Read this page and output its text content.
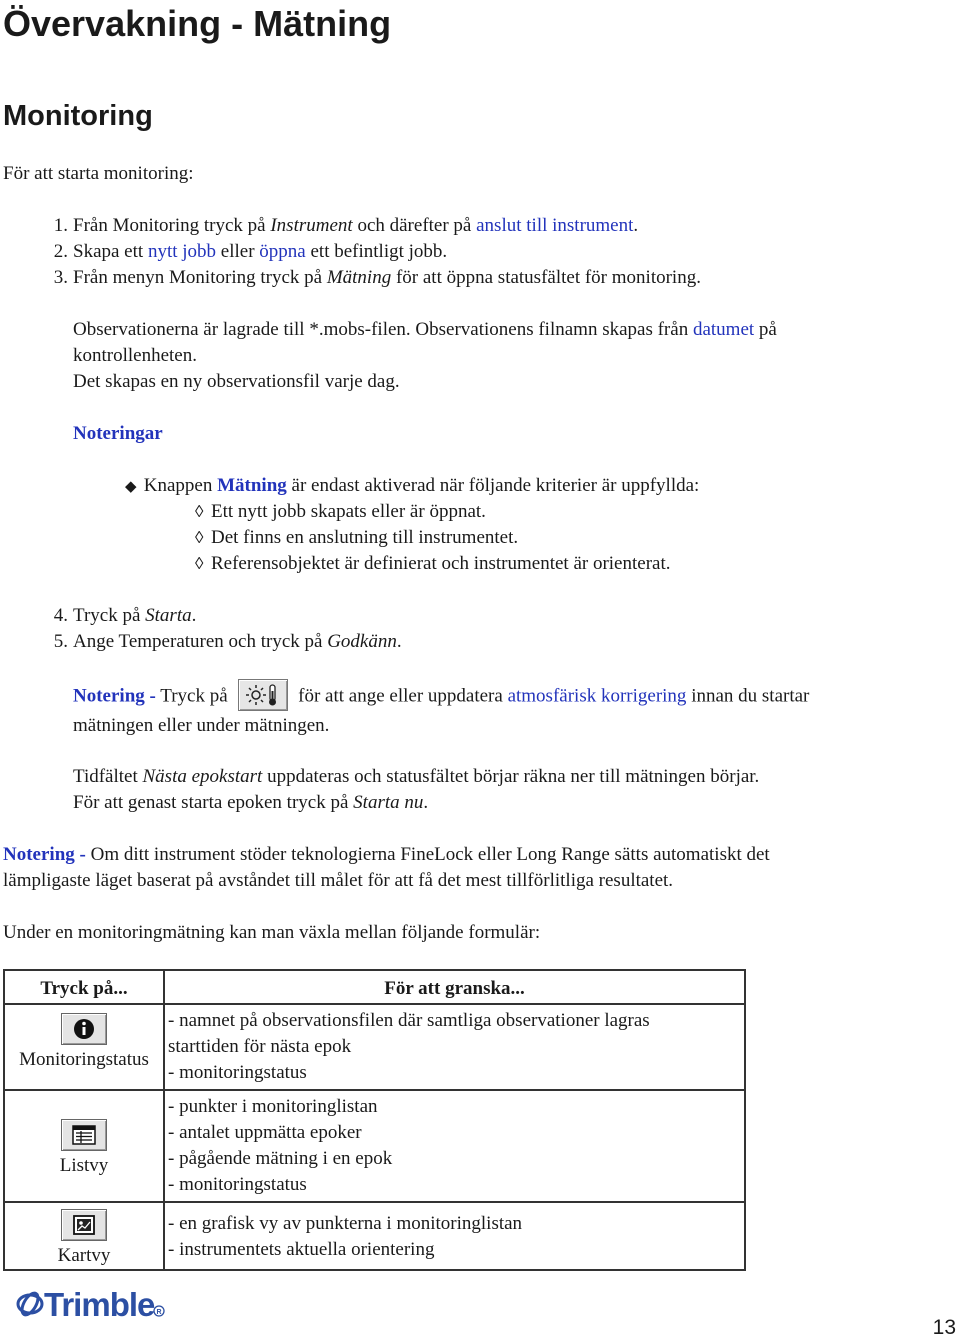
Övervakning - Mätning
Monitoring
För att starta monitoring:
1. Från Monitoring tryck på Instrument och därefter på anslut till instrument.
2. Skapa ett nytt jobb eller öppna ett befintligt jobb.
3. Från menyn Monitoring tryck på Mätning för att öppna statusfältet för monitoring.
Observationerna är lagrade till *.mobs-filen. Observationens filnamn skapas från datumet på
kontrollenheten.
Det skapas en ny observationsfil varje dag.
Noteringar
◆ Knappen Mätning är endast aktiverad när följande kriterier är uppfyllda:
◊ Ett nytt jobb skapats eller är öppnat.
◊ Det finns en anslutning till instrumentet.
◊ Referensobjektet är definierat och instrumentet är orienterat.
4. Tryck på Starta.
5. Ange Temperaturen och tryck på Godkänn.
Notering - Tryck på	för att ange eller uppdatera atmosfärisk korrigering innan du startar
mätningen eller under mätningen.
Tidfältet Nästa epokstart uppdateras och statusfältet börjar räkna ner till mätningen börjar.
För att genast starta epoken tryck på Starta nu.
Notering - Om ditt instrument stöder teknologierna FineLock eller Long Range sätts automatiskt det
lämpligaste läget baserat på avståndet till målet för att få det mest tillförlitliga resultatet.
Under en monitoringmätning kan man växla mellan följande formulär:
Tryck på...	För att granska...

Monitoringstatus	- namnet på observationsfilen där samtliga observationer lagras
starttiden för nästa epok
- monitoringstatus

Listvy	- punkter i monitoringlistan
- antalet uppmätta epoker
- pågående mätning i en epok
- monitoringstatus

Kartvy	- en grafisk vy av punkterna i monitoringlistan
- instrumentets aktuella orientering
Trimble R
13
